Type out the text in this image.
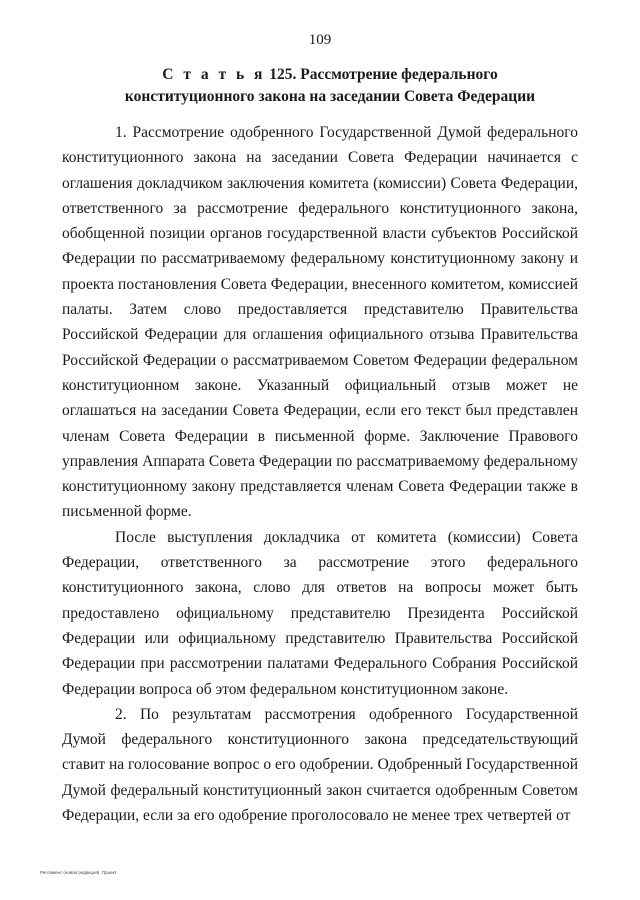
109
С т а т ь я 125. Рассмотрение федерального конституционного закона на заседании Совета Федерации

1. Рассмотрение одобренного Государственной Думой федерального конституционного закона на заседании Совета Федерации начинается с оглашения докладчиком заключения комитета (комиссии) Совета Федерации, ответственного за рассмотрение федерального конституционного закона, обобщенной позиции органов государственной власти субъектов Российской Федерации по рассматриваемому федеральному конституционному закону и проекта постановления Совета Федерации, внесенного комитетом, комиссией палаты. Затем слово предоставляется представителю Правительства Российской Федерации для оглашения официального отзыва Правительства Российской Федерации о рассматриваемом Советом Федерации федеральном конституционном законе. Указанный официальный отзыв может не оглашаться на заседании Совета Федерации, если его текст был представлен членам Совета Федерации в письменной форме. Заключение Правового управления Аппарата Совета Федерации по рассматриваемому федеральному конституционному закону представляется членам Совета Федерации также в письменной форме.

После выступления докладчика от комитета (комиссии) Совета Федерации, ответственного за рассмотрение этого федерального конституционного закона, слово для ответов на вопросы может быть предоставлено официальному представителю Президента Российской Федерации или официальному представителю Правительства Российской Федерации при рассмотрении палатами Федерального Собрания Российской Федерации вопроса об этом федеральном конституционном законе.

2. По результатам рассмотрения одобренного Государственной Думой федерального конституционного закона председательствующий ставит на голосование вопрос о его одобрении. Одобренный Государственной Думой федеральный конституционный закон считается одобренным Советом Федерации, если за его одобрение проголосовало не менее трех четвертей от

Регламент (новая редакция). Проект
